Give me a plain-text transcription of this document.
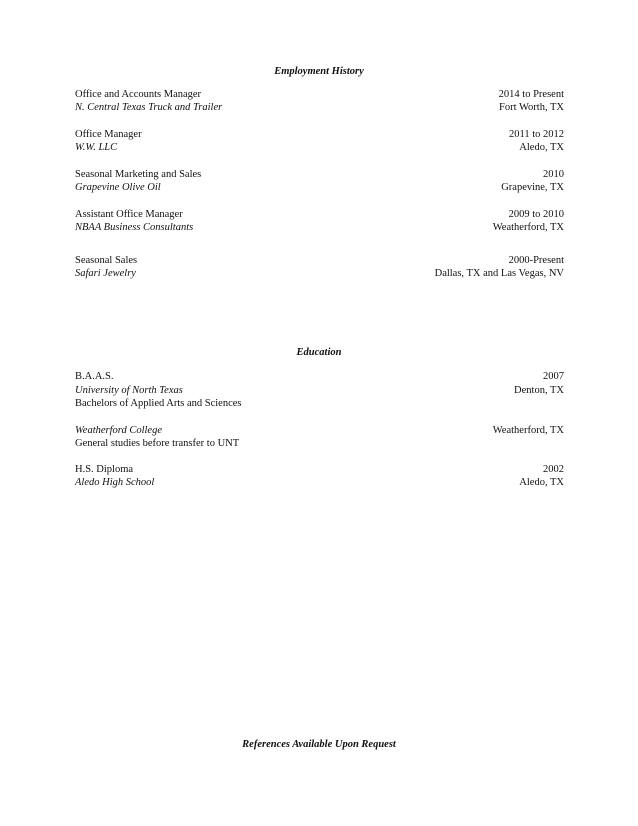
Employment History
Office and Accounts Manager	2014 to Present
N. Central Texas Truck and Trailer	Fort Worth, TX
Office Manager	2011 to 2012
W.W. LLC	Aledo, TX
Seasonal Marketing and Sales	2010
Grapevine Olive Oil	Grapevine, TX
Assistant Office Manager	2009 to 2010
NBAA Business Consultants	Weatherford, TX
Seasonal Sales	2000-Present
Safari Jewelry	Dallas, TX and Las Vegas, NV
Education
B.A.A.S.	2007
University of North Texas	Denton, TX
Bachelors of Applied Arts and Sciences
Weatherford College	Weatherford, TX
General studies before transfer to UNT
H.S. Diploma	2002
Aledo High School	Aledo, TX
References Available Upon Request
